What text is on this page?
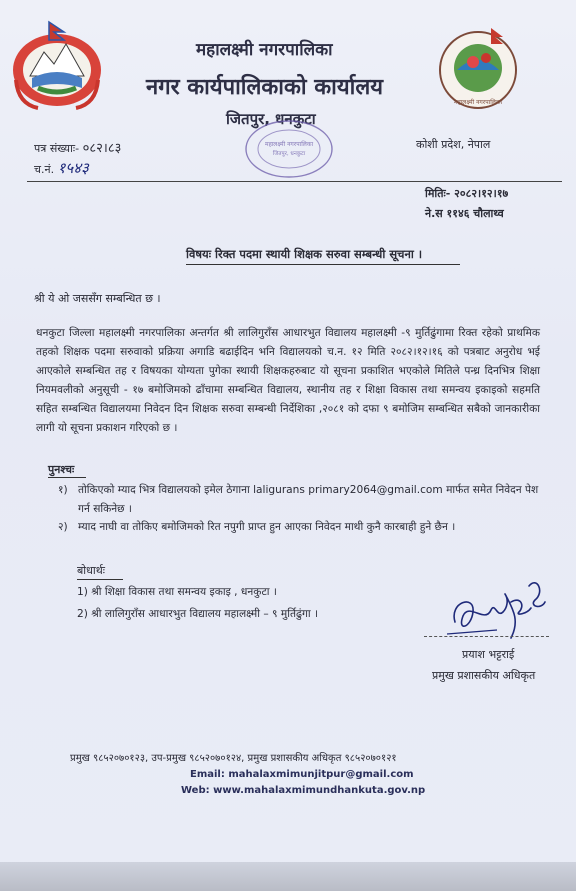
महालक्ष्मी नगरपालिका
महालक्ष्मी नगरपालिका
नगर कार्यपालिकाको कार्यालय
जितपुर, धनकुटा
महालक्ष्मी नगरपालिका
जितपुर, धनकुटा
पत्र संख्याः- ०८२।८३
च.नं. १५४३
कोशी प्रदेश, नेपाल
मितिः- २०८२।१२।१७
ने.स ११४६ चौलाथ्व
विषयः रिक्त पदमा स्थायी शिक्षक सरुवा सम्बन्धी सूचना ।
श्री ये ओ जससँग सम्बन्धित छ ।
धनकुटा जिल्ला महालक्ष्मी नगरपालिका अन्तर्गत श्री लालिगुराँस आधारभुत विद्यालय महालक्ष्मी -९ मुर्तिढुंगामा रिक्त रहेको प्राथमिक तहको शिक्षक पदमा सरुवाको प्रक्रिया अगाडि बढाईदिन भनि विद्यालयको च.न. १२ मिति २०८२।१२।१६ को पत्रबाट अनुरोध भई आएकोले सम्बन्धित तह र विषयका योग्यता पुगेका स्थायी शिक्षकहरुबाट यो सूचना प्रकाशित भएकोले मितिले पन्ध्र दिनभित्र शिक्षा नियमवलीको अनुसूची - १७ बमोजिमको ढाँचामा सम्बन्धित विद्यालय, स्थानीय तह र शिक्षा विकास तथा समन्वय इकाइको सहमति सहित सम्बन्धित विद्यालयमा निवेदन दिन शिक्षक सरुवा सम्बन्धी निर्देशिका ,२०८१ को दफा ९ बमोजिम सम्बन्धित सबैको जानकारीका लागी यो सूचना प्रकाशन गरिएको छ ।
पुनश्चः
१) तोकिएको म्याद भित्र विद्यालयको इमेल ठेगाना laligurans primary2064@gmail.com मार्फत समेत निवेदन पेश गर्न सकिनेछ ।
२) म्याद नाघी वा तोकिए बमोजिमको रित नपुगी प्राप्त हुन आएका निवेदन माथी कुनै कारबाही हुने छैन ।
बोधार्थः
1) श्री शिक्षा विकास तथा समन्वय इकाइ , धनकुटा ।
2) श्री लालिगुराँस आधारभुत विद्यालय महालक्ष्मी – ९ मुर्तिढुंगा ।
प्रयाश भट्टराई
प्रमुख प्रशासकीय अधिकृत
प्रमुख ९८५२०७०१२३, उप-प्रमुख ९८५२०७०१२४, प्रमुख प्रशासकीय अधिकृत ९८५२०७०१२१
Email: mahalaxmimunjitpur@gmail.com
Web: www.mahalaxmimundhankuta.gov.np
